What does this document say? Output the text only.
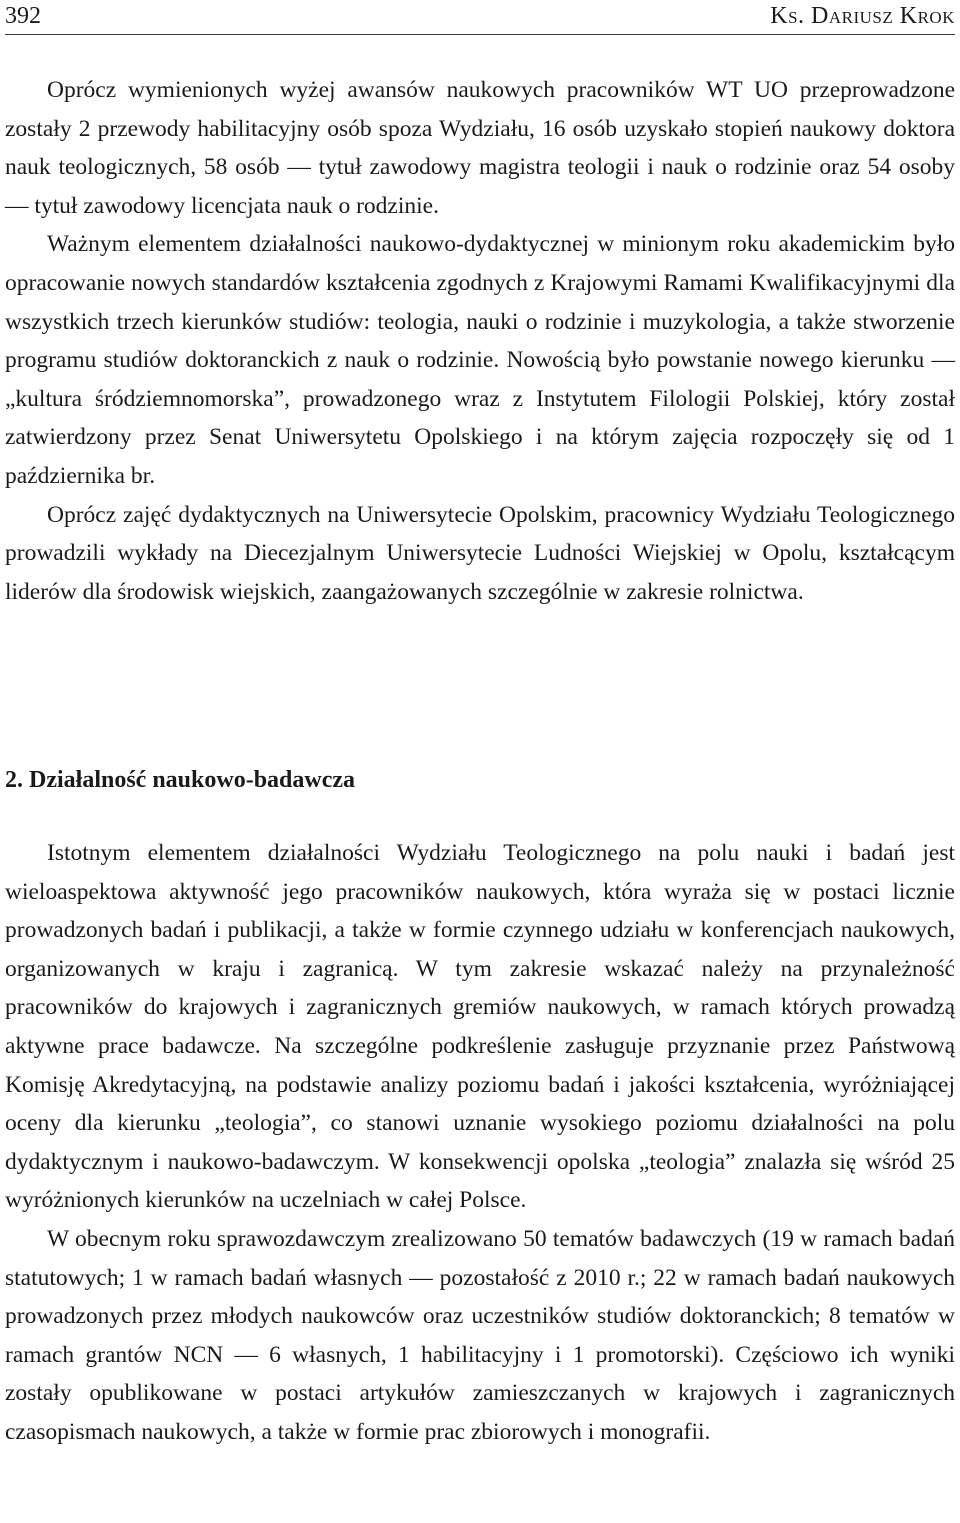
392	Ks. Dariusz Krok

Oprócz wymienionych wyżej awansów naukowych pracowników WT UO przeprowadzone zostały 2 przewody habilitacyjny osób spoza Wydziału, 16 osób uzyskało stopień naukowy doktora nauk teologicznych, 58 osób — tytuł zawodowy magistra teologii i nauk o rodzinie oraz 54 osoby — tytuł zawodowy licencjata nauk o rodzinie.

Ważnym elementem działalności naukowo-dydaktycznej w minionym roku akademickim było opracowanie nowych standardów kształcenia zgodnych z Krajowymi Ramami Kwalifikacyjnymi dla wszystkich trzech kierunków studiów: teologia, nauki o rodzinie i muzykologia, a także stworzenie programu studiów doktoranckich z nauk o rodzinie. Nowością było powstanie nowego kierunku — „kultura śródziemnomorska”, prowadzonego wraz z Instytutem Filologii Polskiej, który został zatwierdzony przez Senat Uniwersytetu Opolskiego i na którym zajęcia rozpoczęły się od 1 października br.

Oprócz zajęć dydaktycznych na Uniwersytecie Opolskim, pracownicy Wydziału Teologicznego prowadzili wykłady na Diecezjalnym Uniwersytecie Ludności Wiejskiej w Opolu, kształcącym liderów dla środowisk wiejskich, zaangażowanych szczególnie w zakresie rolnictwa.

2. Działalność naukowo-badawcza

Istotnym elementem działalności Wydziału Teologicznego na polu nauki i badań jest wieloaspektowa aktywność jego pracowników naukowych, która wyraża się w postaci licznie prowadzonych badań i publikacji, a także w formie czynnego udziału w konferencjach naukowych, organizowanych w kraju i zagranicą. W tym zakresie wskazać należy na przynależność pracowników do krajowych i zagranicznych gremiów naukowych, w ramach których prowadzą aktywne prace badawcze. Na szczególne podkreślenie zasługuje przyznanie przez Państwową Komisję Akredytacyjną, na podstawie analizy poziomu badań i jakości kształcenia, wyróżniającej oceny dla kierunku „teologia”, co stanowi uznanie wysokiego poziomu działalności na polu dydaktycznym i naukowo-badawczym. W konsekwencji opolska „teologia” znalazła się wśród 25 wyróżnionych kierunków na uczelniach w całej Polsce.

W obecnym roku sprawozdawczym zrealizowano 50 tematów badawczych (19 w ramach badań statutowych; 1 w ramach badań własnych — pozostałość z 2010 r.; 22 w ramach badań naukowych prowadzonych przez młodych naukowców oraz uczestników studiów doktoranckich; 8 tematów w ramach grantów NCN — 6 własnych, 1 habilitacyjny i 1 promotorski). Częściowo ich wyniki zostały opublikowane w postaci artykułów zamieszczanych w krajowych i zagranicznych czasopismach naukowych, a także w formie prac zbiorowych i monografii.
